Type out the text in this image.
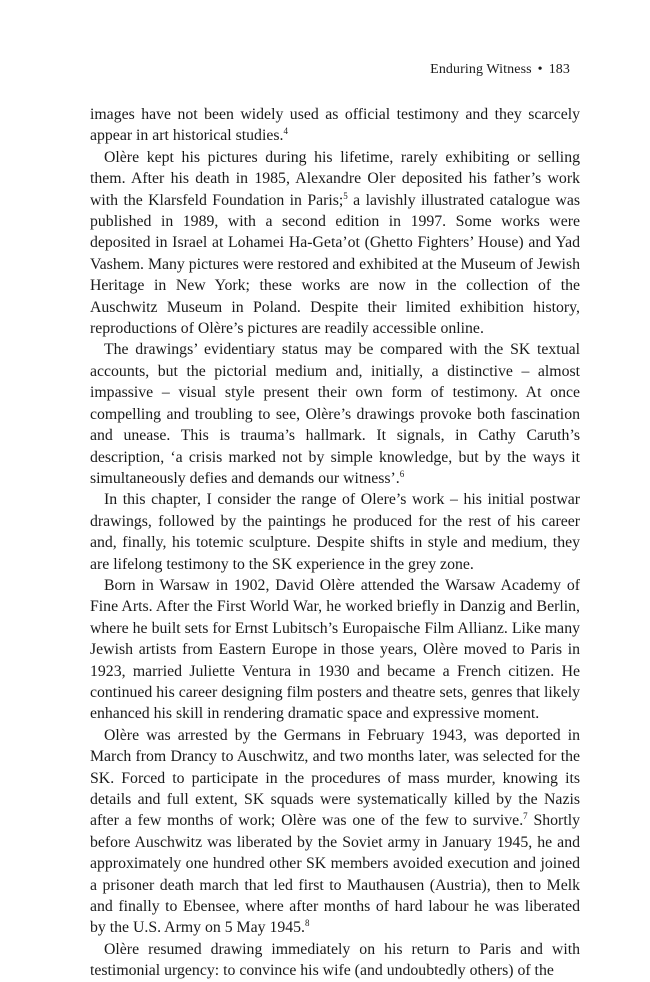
Enduring Witness • 183

images have not been widely used as official testimony and they scarcely appear in art historical studies.$^4$

Olère kept his pictures during his lifetime, rarely exhibiting or selling them. After his death in 1985, Alexandre Oler deposited his father’s work with the Klarsfeld Foundation in Paris;$^5$ a lavishly illustrated catalogue was published in 1989, with a second edition in 1997. Some works were deposited in Israel at Lohamei Ha-Geta’ot (Ghetto Fighters’ House) and Yad Vashem. Many pictures were restored and exhibited at the Museum of Jewish Heritage in New York; these works are now in the collection of the Auschwitz Museum in Poland. Despite their limited exhibition history, reproductions of Olère’s pictures are readily accessible online.

The drawings’ evidentiary status may be compared with the SK textual accounts, but the pictorial medium and, initially, a distinctive – almost impassive – visual style present their own form of testimony. At once compelling and troubling to see, Olère’s drawings provoke both fascination and unease. This is trauma’s hallmark. It signals, in Cathy Caruth’s description, ‘a crisis marked not by simple knowledge, but by the ways it simultaneously defies and demands our witness’.$^6$

In this chapter, I consider the range of Olere’s work – his initial postwar drawings, followed by the paintings he produced for the rest of his career and, finally, his totemic sculpture. Despite shifts in style and medium, they are lifelong testimony to the SK experience in the grey zone.

Born in Warsaw in 1902, David Olère attended the Warsaw Academy of Fine Arts. After the First World War, he worked briefly in Danzig and Berlin, where he built sets for Ernst Lubitsch’s Europaische Film Allianz. Like many Jewish artists from Eastern Europe in those years, Olère moved to Paris in 1923, married Juliette Ventura in 1930 and became a French citizen. He continued his career designing film posters and theatre sets, genres that likely enhanced his skill in rendering dramatic space and expressive moment.

Olère was arrested by the Germans in February 1943, was deported in March from Drancy to Auschwitz, and two months later, was selected for the SK. Forced to participate in the procedures of mass murder, knowing its details and full extent, SK squads were systematically killed by the Nazis after a few months of work; Olère was one of the few to survive.$^7$ Shortly before Auschwitz was liberated by the Soviet army in January 1945, he and approximately one hundred other SK members avoided execution and joined a prisoner death march that led first to Mauthausen (Austria), then to Melk and finally to Ebensee, where after months of hard labour he was liberated by the U.S. Army on 5 May 1945.$^8$

Olère resumed drawing immediately on his return to Paris and with testimonial urgency: to convince his wife (and undoubtedly others) of the
